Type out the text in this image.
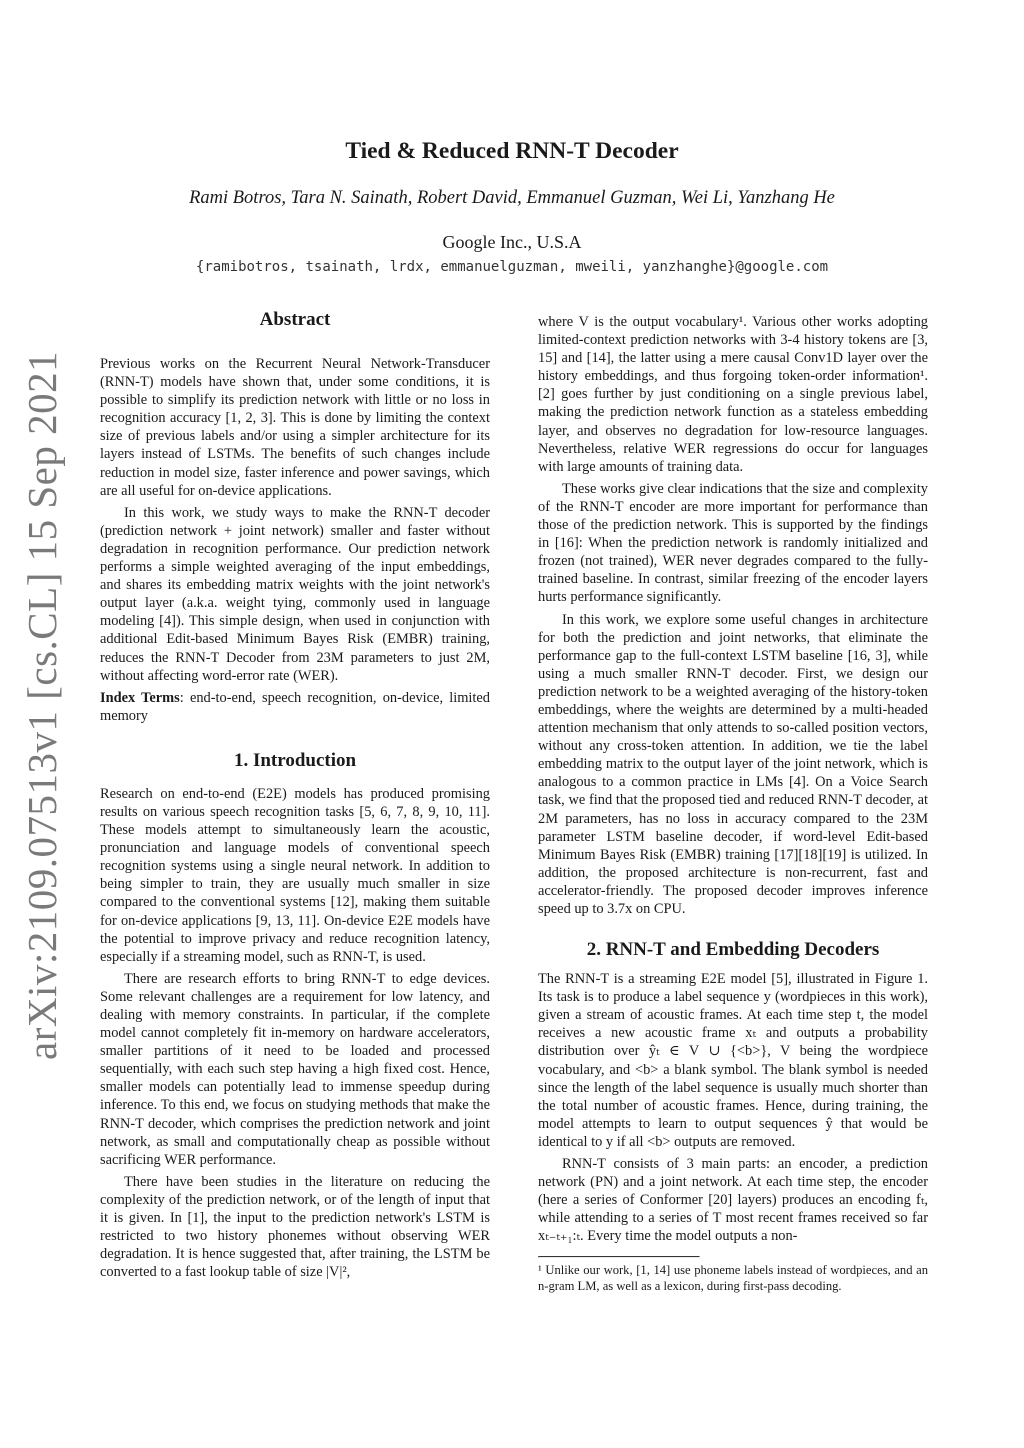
arXiv:2109.07513v1 [cs.CL] 15 Sep 2021
Tied & Reduced RNN-T Decoder
Rami Botros, Tara N. Sainath, Robert David, Emmanuel Guzman, Wei Li, Yanzhang He
Google Inc., U.S.A
{ramibotros, tsainath, lrdx, emmanuelguzman, mweili, yanzhanghe}@google.com
Abstract

Previous works on the Recurrent Neural Network-Transducer (RNN-T) models have shown that, under some conditions, it is possible to simplify its prediction network with little or no loss in recognition accuracy [1, 2, 3]. This is done by limiting the context size of previous labels and/or using a simpler architecture for its layers instead of LSTMs. The benefits of such changes include reduction in model size, faster inference and power savings, which are all useful for on-device applications.

In this work, we study ways to make the RNN-T decoder (prediction network + joint network) smaller and faster without degradation in recognition performance. Our prediction network performs a simple weighted averaging of the input embeddings, and shares its embedding matrix weights with the joint network's output layer (a.k.a. weight tying, commonly used in language modeling [4]). This simple design, when used in conjunction with additional Edit-based Minimum Bayes Risk (EMBR) training, reduces the RNN-T Decoder from 23M parameters to just 2M, without affecting word-error rate (WER).

Index Terms: end-to-end, speech recognition, on-device, limited memory

1. Introduction

Research on end-to-end (E2E) models has produced promising results on various speech recognition tasks [5, 6, 7, 8, 9, 10, 11]. These models attempt to simultaneously learn the acoustic, pronunciation and language models of conventional speech recognition systems using a single neural network. In addition to being simpler to train, they are usually much smaller in size compared to the conventional systems [12], making them suitable for on-device applications [9, 13, 11]. On-device E2E models have the potential to improve privacy and reduce recognition latency, especially if a streaming model, such as RNN-T, is used.

There are research efforts to bring RNN-T to edge devices. Some relevant challenges are a requirement for low latency, and dealing with memory constraints. In particular, if the complete model cannot completely fit in-memory on hardware accelerators, smaller partitions of it need to be loaded and processed sequentially, with each such step having a high fixed cost. Hence, smaller models can potentially lead to immense speedup during inference. To this end, we focus on studying methods that make the RNN-T decoder, which comprises the prediction network and joint network, as small and computationally cheap as possible without sacrificing WER performance.

There have been studies in the literature on reducing the complexity of the prediction network, or of the length of input that it is given. In [1], the input to the prediction network's LSTM is restricted to two history phonemes without observing WER degradation. It is hence suggested that, after training, the LSTM be converted to a fast lookup table of size |V|²,

where V is the output vocabulary¹. Various other works adopting limited-context prediction networks with 3-4 history tokens are [3, 15] and [14], the latter using a mere causal Conv1D layer over the history embeddings, and thus forgoing token-order information¹. [2] goes further by just conditioning on a single previous label, making the prediction network function as a stateless embedding layer, and observes no degradation for low-resource languages. Nevertheless, relative WER regressions do occur for languages with large amounts of training data.

These works give clear indications that the size and complexity of the RNN-T encoder are more important for performance than those of the prediction network. This is supported by the findings in [16]: When the prediction network is randomly initialized and frozen (not trained), WER never degrades compared to the fully-trained baseline. In contrast, similar freezing of the encoder layers hurts performance significantly.

In this work, we explore some useful changes in architecture for both the prediction and joint networks, that eliminate the performance gap to the full-context LSTM baseline [16, 3], while using a much smaller RNN-T decoder. First, we design our prediction network to be a weighted averaging of the history-token embeddings, where the weights are determined by a multi-headed attention mechanism that only attends to so-called position vectors, without any cross-token attention. In addition, we tie the label embedding matrix to the output layer of the joint network, which is analogous to a common practice in LMs [4]. On a Voice Search task, we find that the proposed tied and reduced RNN-T decoder, at 2M parameters, has no loss in accuracy compared to the 23M parameter LSTM baseline decoder, if word-level Edit-based Minimum Bayes Risk (EMBR) training [17][18][19] is utilized. In addition, the proposed architecture is non-recurrent, fast and accelerator-friendly. The proposed decoder improves inference speed up to 3.7x on CPU.

2. RNN-T and Embedding Decoders

The RNN-T is a streaming E2E model [5], illustrated in Figure 1. Its task is to produce a label sequence y (wordpieces in this work), given a stream of acoustic frames. At each time step t, the model receives a new acoustic frame xₜ and outputs a probability distribution over ŷₜ ∈ V ∪ {<b>}, V being the wordpiece vocabulary, and <b> a blank symbol. The blank symbol is needed since the length of the label sequence is usually much shorter than the total number of acoustic frames. Hence, during training, the model attempts to learn to output sequences ŷ that would be identical to y if all <b> outputs are removed.

RNN-T consists of 3 main parts: an encoder, a prediction network (PN) and a joint network. At each time step, the encoder (here a series of Conformer [20] layers) produces an encoding fₜ, while attending to a series of T most recent frames received so far xₜ₋ₜ₊₁:ₜ. Every time the model outputs a non-

¹ Unlike our work, [1, 14] use phoneme labels instead of wordpieces, and an n-gram LM, as well as a lexicon, during first-pass decoding.
